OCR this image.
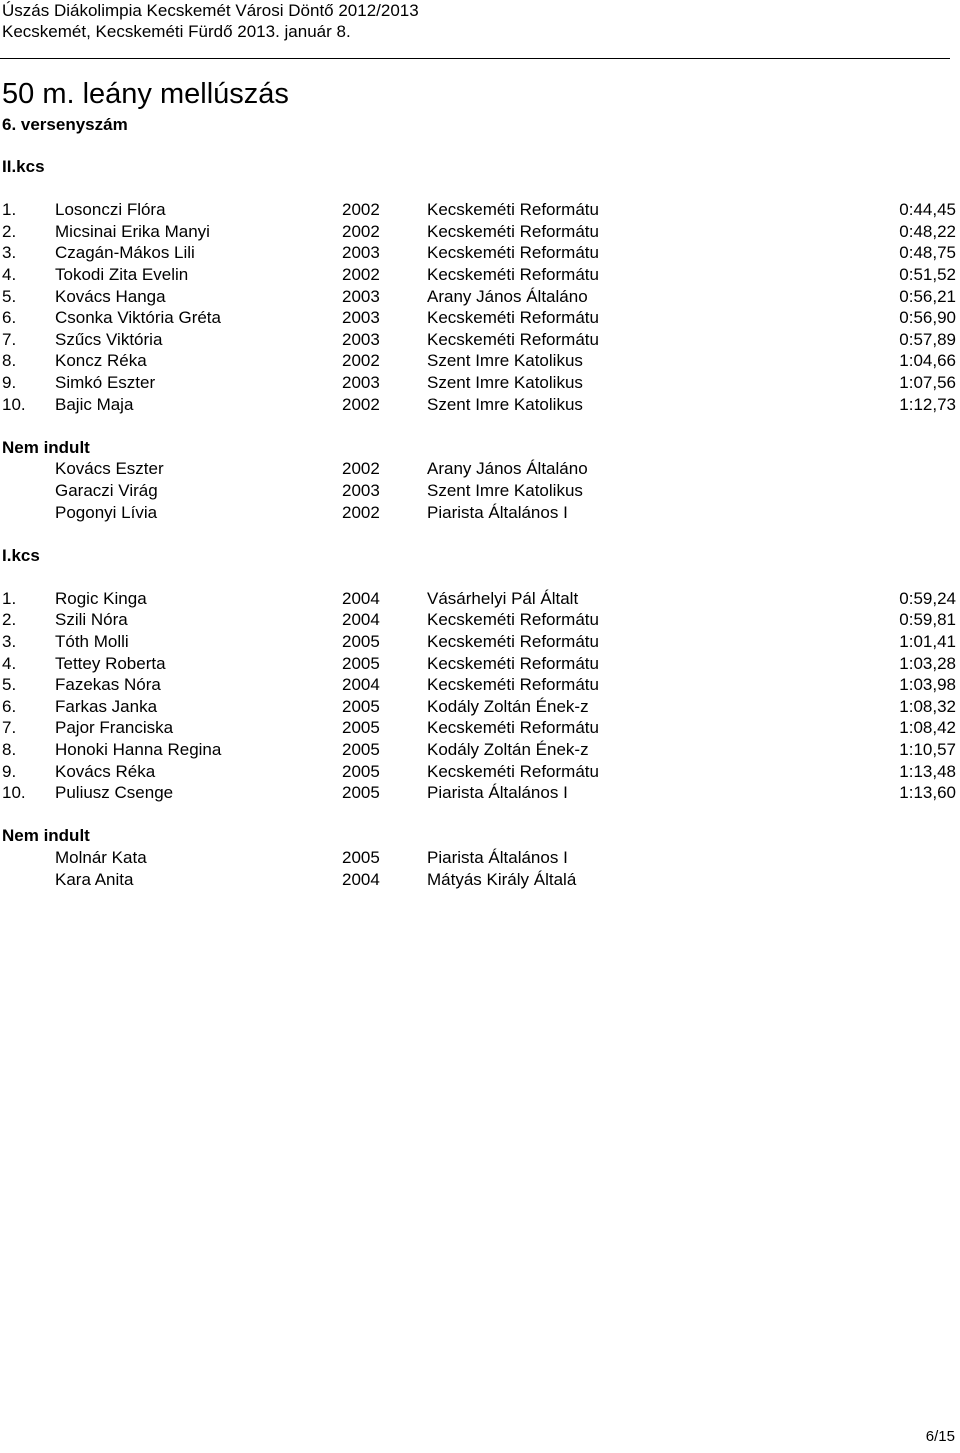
Úszás Diákolimpia Kecskemét Városi Döntő 2012/2013
Kecskemét, Kecskeméti Fürdő 2013. január 8.
50 m. leány mellúszás
6. versenyszám
II.kcs
1. Losonczi Flóra	2002	Kecskeméti Reformátu	0:44,45
2. Micsinai Erika Manyi	2002	Kecskeméti Reformátu	0:48,22
3. Czagán-Mákos Lili	2003	Kecskeméti Reformátu	0:48,75
4. Tokodi Zita Evelin	2002	Kecskeméti Reformátu	0:51,52
5. Kovács Hanga	2003	Arany János Általáno	0:56,21
6. Csonka Viktória Gréta	2003	Kecskeméti Reformátu	0:56,90
7. Szűcs Viktória	2003	Kecskeméti Reformátu	0:57,89
8. Koncz Réka	2002	Szent Imre Katolikus	1:04,66
9. Simkó Eszter	2003	Szent Imre Katolikus	1:07,56
10. Bajic Maja	2002	Szent Imre Katolikus	1:12,73
Nem indult
Kovács Eszter	2002	Arany János Általáno
Garaczi Virág	2003	Szent Imre Katolikus
Pogonyi Lívia	2002	Piarista Általános I
I.kcs
1. Rogic Kinga	2004	Vásárhelyi Pál Általt	0:59,24
2. Szili Nóra	2004	Kecskeméti Reformátu	0:59,81
3. Tóth Molli	2005	Kecskeméti Reformátu	1:01,41
4. Tettey Roberta	2005	Kecskeméti Reformátu	1:03,28
5. Fazekas Nóra	2004	Kecskeméti Reformátu	1:03,98
6. Farkas Janka	2005	Kodály Zoltán Ének-z	1:08,32
7. Pajor Franciska	2005	Kecskeméti Reformátu	1:08,42
8. Honoki Hanna Regina	2005	Kodály Zoltán Ének-z	1:10,57
9. Kovács Réka	2005	Kecskeméti Reformátu	1:13,48
10. Puliusz Csenge	2005	Piarista Általános I	1:13,60
Nem indult
Molnár Kata	2005	Piarista Általános I
Kara Anita	2004	Mátyás Király Általá
6/15
